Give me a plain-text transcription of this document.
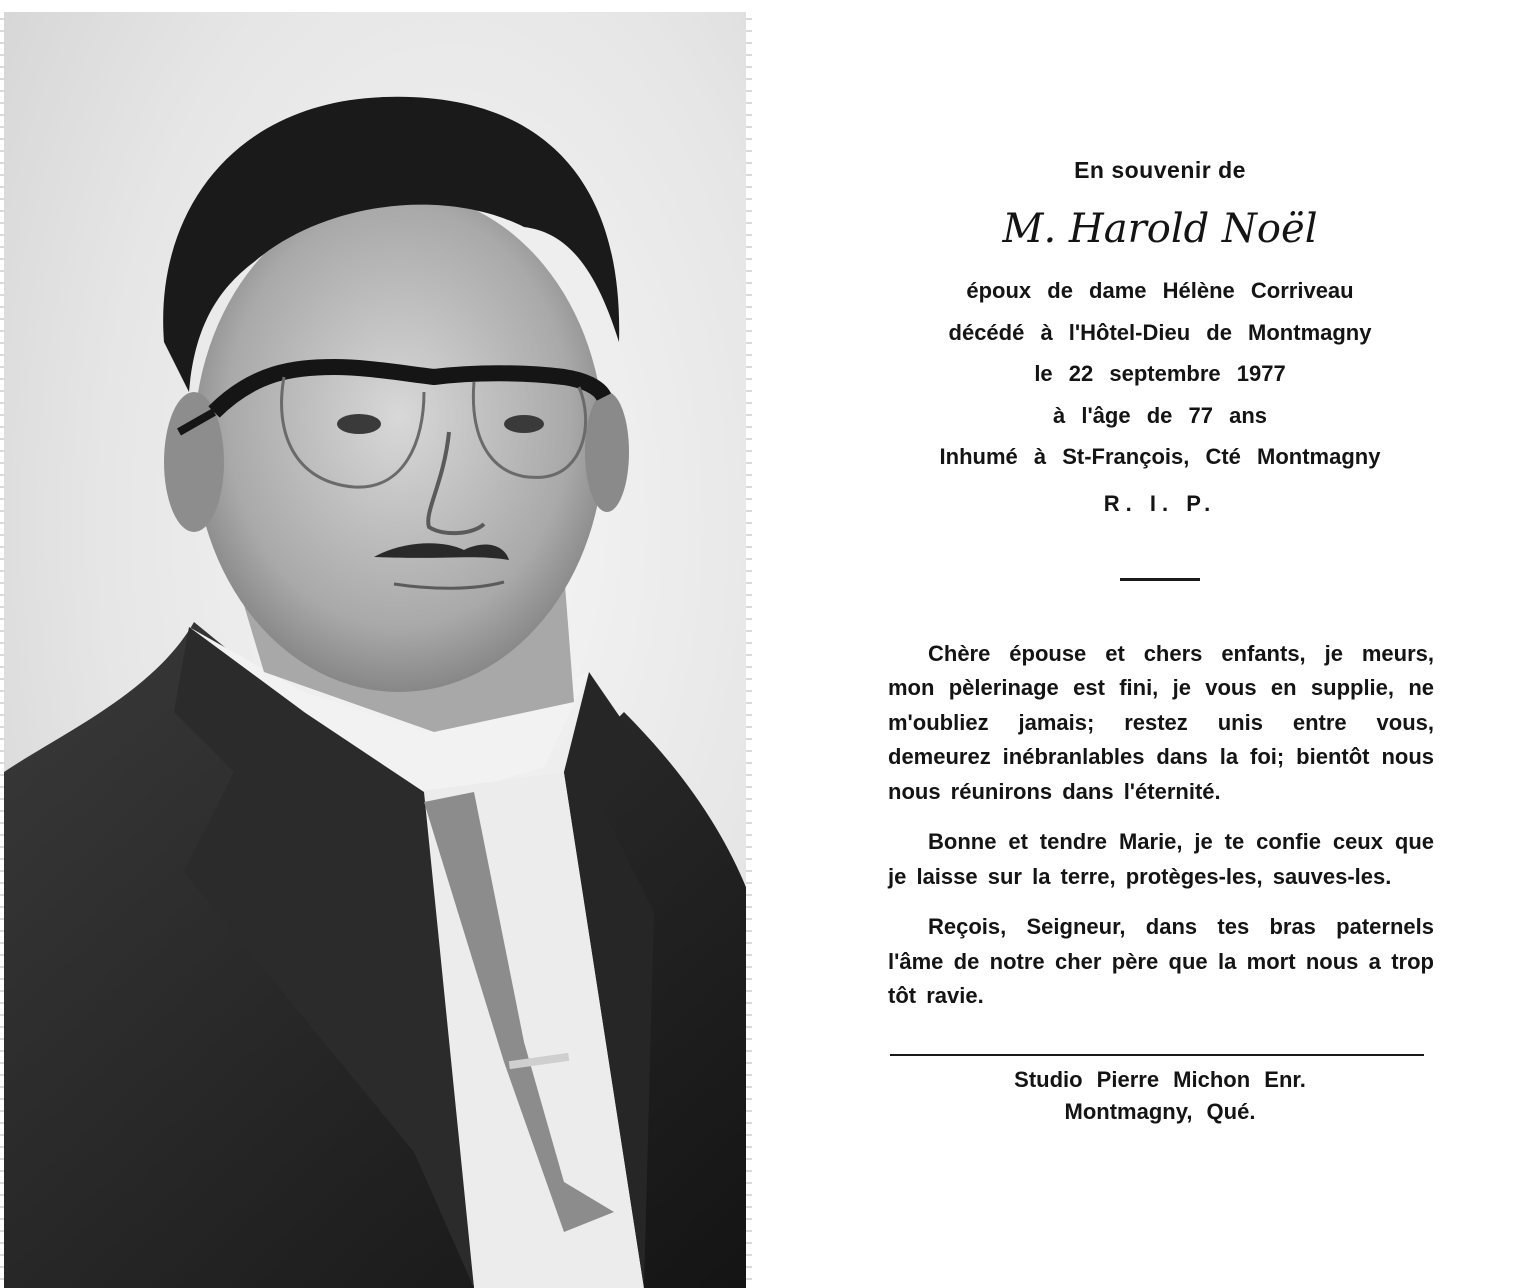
En souvenir de

M. Harold Noël

époux de dame Hélène Corriveau

décédé à l'Hôtel-Dieu de Montmagny

le 22 septembre 1977

à l'âge de 77 ans

Inhumé à St-François, Cté Montmagny

R. I. P.

Chère épouse et chers enfants, je meurs, mon pèlerinage est fini, je vous en supplie, ne m'oubliez jamais; restez unis entre vous, demeurez inébranlables dans la foi; bientôt nous nous réunirons dans l'éternité.

Bonne et tendre Marie, je te confie ceux que je laisse sur la terre, protèges-les, sauves-les.

Reçois, Seigneur, dans tes bras paternels l'âme de notre cher père que la mort nous a trop tôt ravie.

Studio Pierre Michon Enr.

Montmagny, Qué.
